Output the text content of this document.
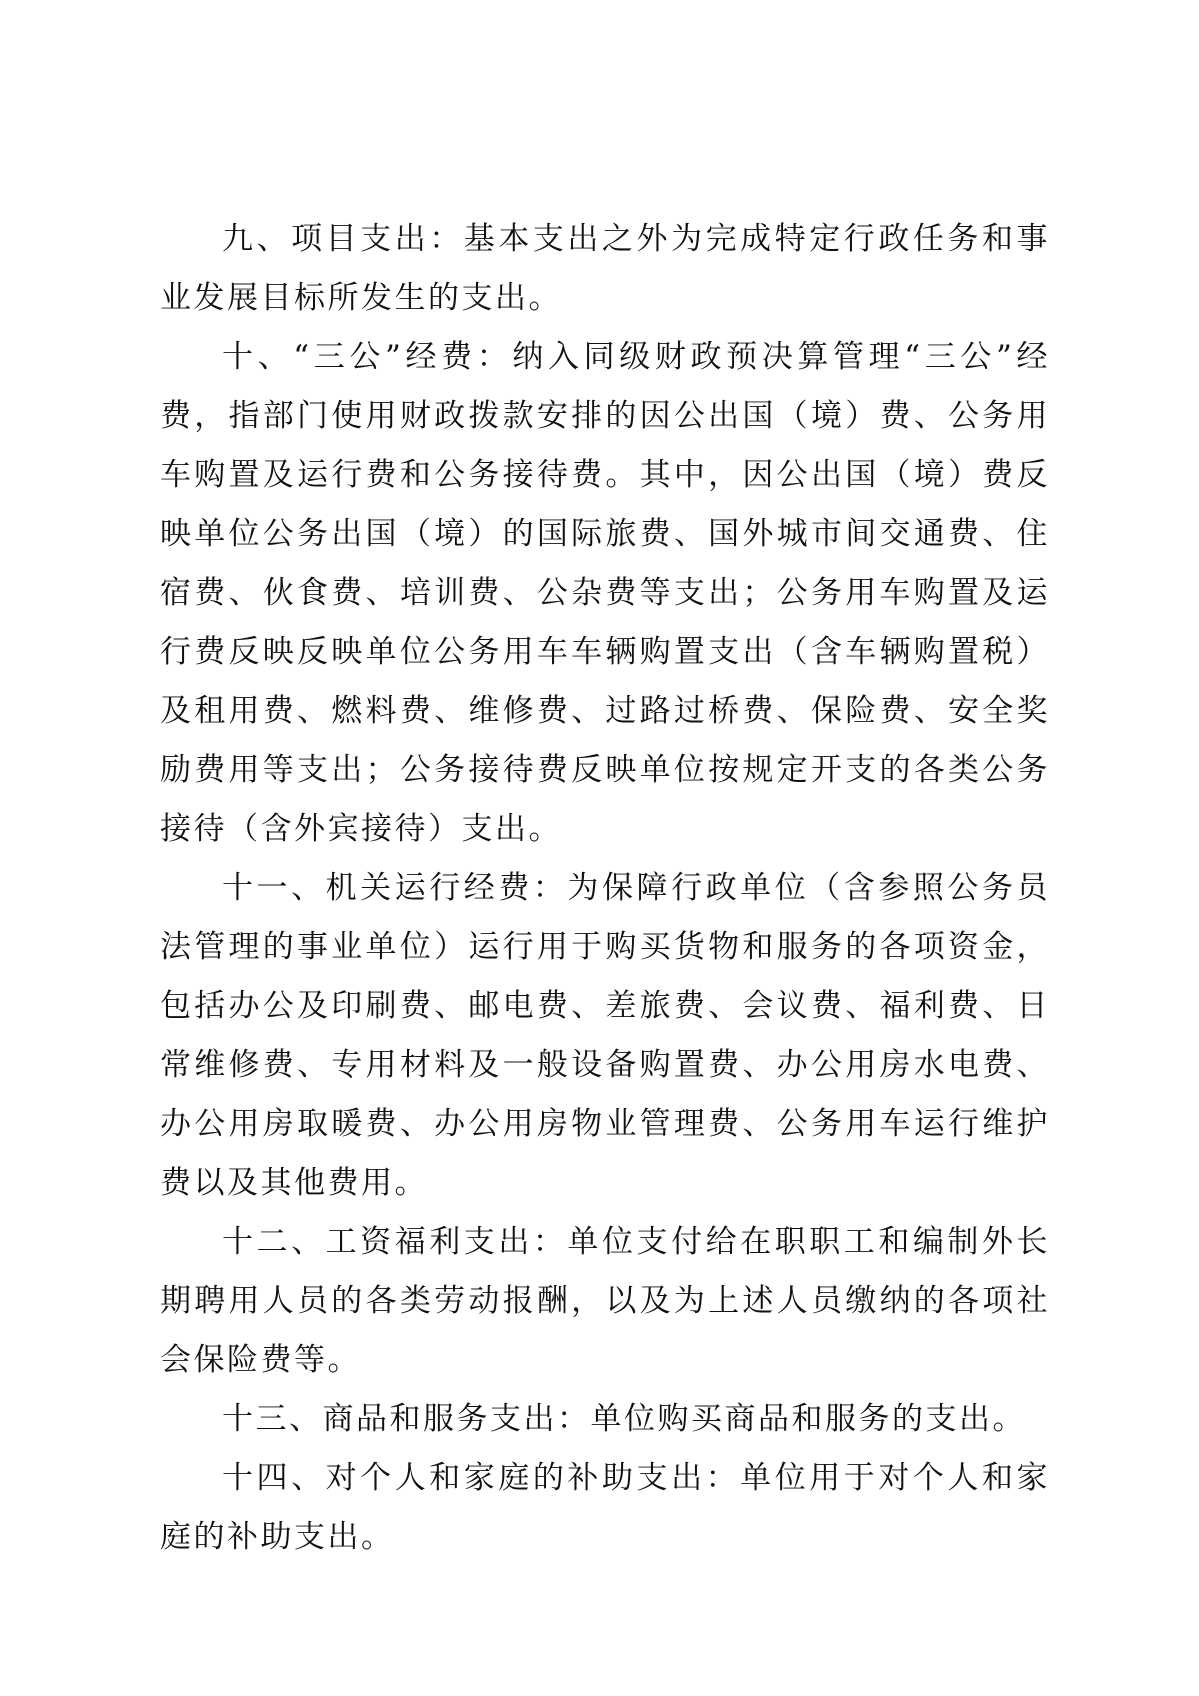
九、项目支出：基本支出之外为完成特定行政任务和事业发展目标所发生的支出。

十、“三公”经费：纳入同级财政预决算管理“三公”经费，指部门使用财政拨款安排的因公出国（境）费、公务用车购置及运行费和公务接待费。其中，因公出国（境）费反映单位公务出国（境）的国际旅费、国外城市间交通费、住宿费、伙食费、培训费、公杂费等支出；公务用车购置及运行费反映反映单位公务用车车辆购置支出（含车辆购置税）及租用费、燃料费、维修费、过路过桥费、保险费、安全奖励费用等支出；公务接待费反映单位按规定开支的各类公务接待（含外宾接待）支出。

十一、机关运行经费：为保障行政单位（含参照公务员法管理的事业单位）运行用于购买货物和服务的各项资金，包括办公及印刷费、邮电费、差旅费、会议费、福利费、日常维修费、专用材料及一般设备购置费、办公用房水电费、办公用房取暖费、办公用房物业管理费、公务用车运行维护费以及其他费用。

十二、工资福利支出：单位支付给在职职工和编制外长期聘用人员的各类劳动报酬，以及为上述人员缴纳的各项社会保险费等。

十三、商品和服务支出：单位购买商品和服务的支出。

十四、对个人和家庭的补助支出：单位用于对个人和家庭的补助支出。
